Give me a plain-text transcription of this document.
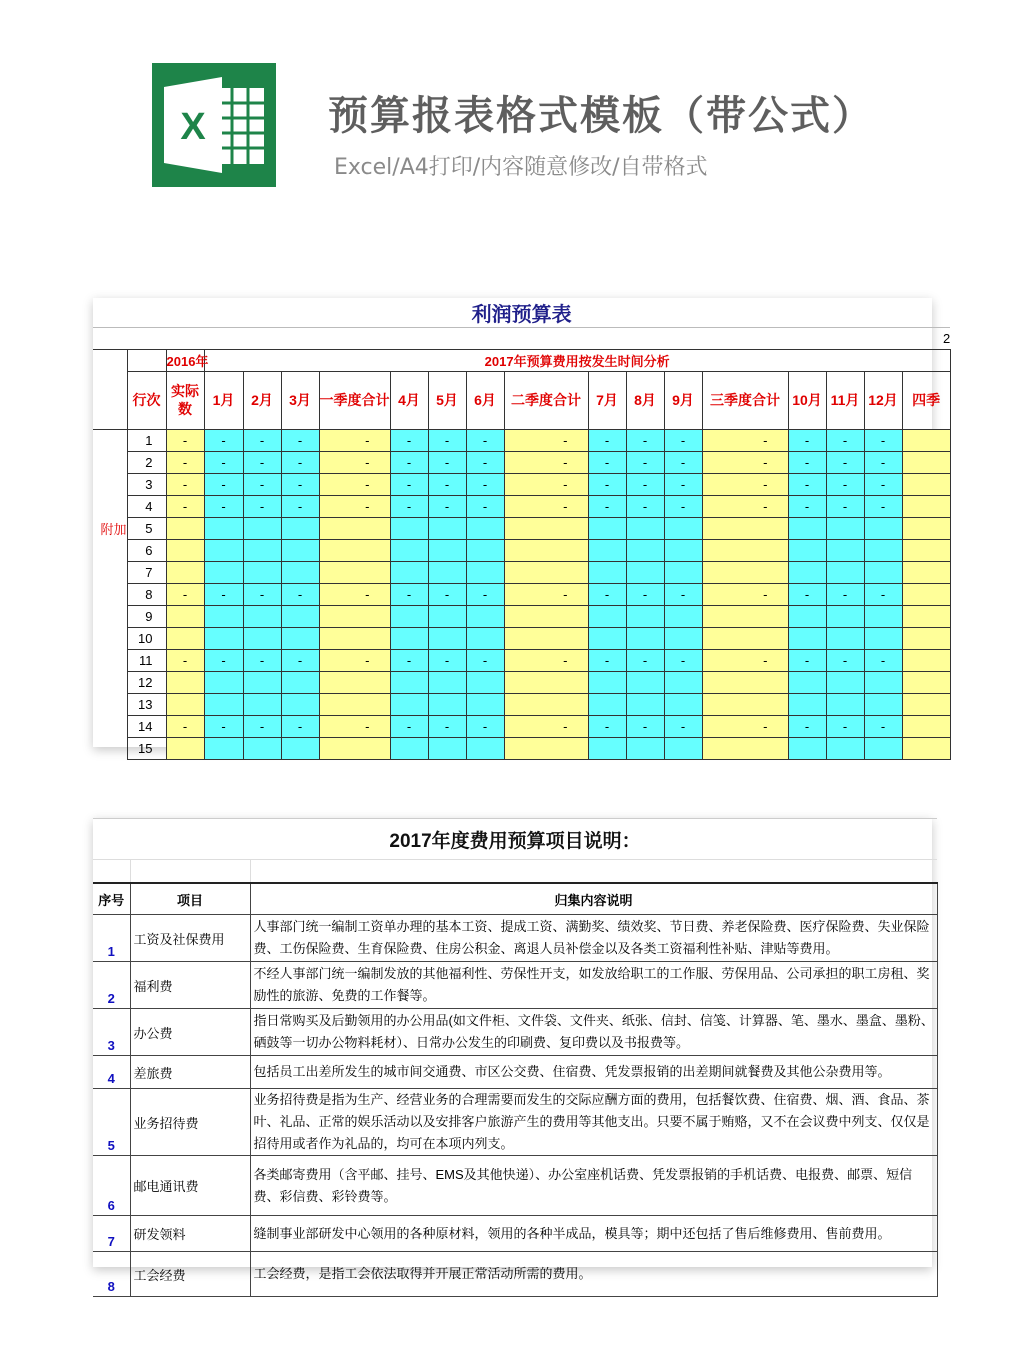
X	预算报表格式模板（带公式）
Excel/A4打印/内容随意修改/自带格式
利润预算表																		
																		2
		2016年	2017年预算费用按发生时间分析															
	行次	实际数	1月	2月	3月	一季度合计	4月	5月	6月	二季度合计	7月	8月	9月	三季度合计	10月	11月	12月	四季
	1	-	-	-	-	-	-	-	-	-	-	-	-	-	-	-	-	
	2	-	-	-	-	-	-	-	-	-	-	-	-	-	-	-	-	
	3	-	-	-	-	-	-	-	-	-	-	-	-	-	-	-	-	
	4	-	-	-	-	-	-	-	-	-	-	-	-	-	-	-	-	
附加	5																	
	6																	
	7																	
	8	-	-	-	-	-	-	-	-	-	-	-	-	-	-	-	-	
	9																	
	10																	
	11	-	-	-	-	-	-	-	-	-	-	-	-	-	-	-	-	
	12																	
	13																	
	14	-	-	-	-	-	-	-	-	-	-	-	-	-	-	-	-	
	15																	
2017年度费用预算项目说明：		

序号	项目	归集内容说明
1	工资及社保费用	人事部门统一编制工资单办理的基本工资、提成工资、满勤奖、绩效奖、节日费、养老保险费、医疗保险费、失业保险费、工伤保险费、生育保险费、住房公积金、离退人员补偿金以及各类工资福利性补贴、津贴等费用。
2	福利费	不经人事部门统一编制发放的其他福利性、劳保性开支，如发放给职工的工作服、劳保用品、公司承担的职工房租、奖励性的旅游、免费的工作餐等。
3	办公费	指日常购买及后勤领用的办公用品(如文件柜、文件袋、文件夹、纸张、信封、信笺、计算器、笔、墨水、墨盒、墨粉、硒鼓等一切办公物料耗材）、日常办公发生的印刷费、复印费以及书报费等。
4	差旅费	包括员工出差所发生的城市间交通费、市区公交费、住宿费、凭发票报销的出差期间就餐费及其他公杂费用等。
5	业务招待费	业务招待费是指为生产、经营业务的合理需要而发生的交际应酬方面的费用，包括餐饮费、住宿费、烟、酒、食品、茶叶、礼品、正常的娱乐活动以及安排客户旅游产生的费用等其他支出。只要不属于贿赂，又不在会议费中列支、仅仅是招待用或者作为礼品的，均可在本项内列支。
6	邮电通讯费	各类邮寄费用（含平邮、挂号、EMS及其他快递）、办公室座机话费、凭发票报销的手机话费、电报费、邮票、短信费、彩信费、彩铃费等。
7	研发领料	缝制事业部研发中心领用的各种原材料，领用的各种半成品，模具等；期中还包括了售后维修费用、售前费用。
8	工会经费	工会经费，是指工会依法取得并开展正常活动所需的费用。
